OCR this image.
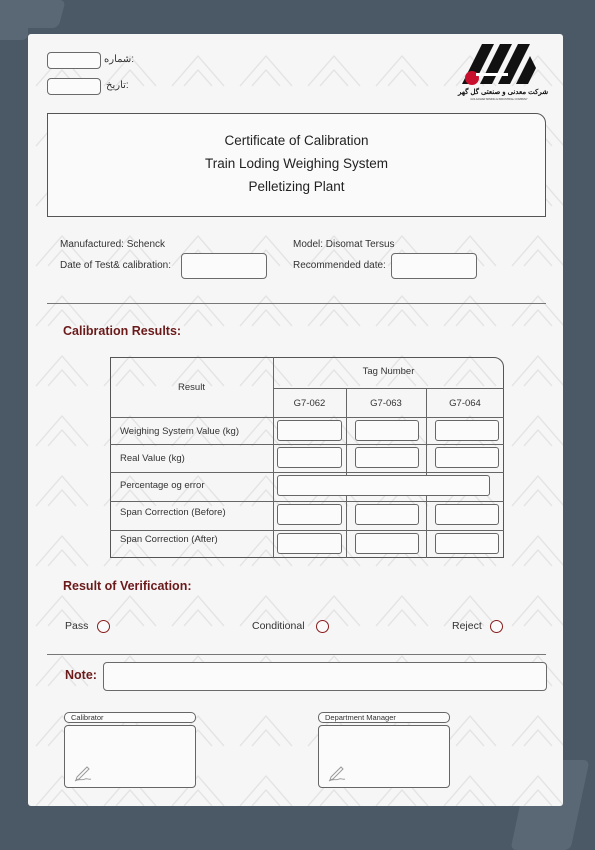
شماره:
تاریخ:
شرکت معدنی و صنعتی گل گهر
GOLGOHAR MINING & INDUSTRIAL COMPANY
Certificate of Calibration
Train Loding Weighing System
Pelletizing Plant
Manufactured: Schenck	Model: Disomat Tersus
Date of Test& calibration:	Recommended date:
Calibration Results:
Result
Tag Number
G7-062	G7-063	G7-064
Weighing System Value (kg)
Real Value (kg)
Percentage og error
Span Correction (Before)
Span Correction (After)
Result of Verification:
Pass	Conditional	Reject
Note:
Calibrator	Department Manager
